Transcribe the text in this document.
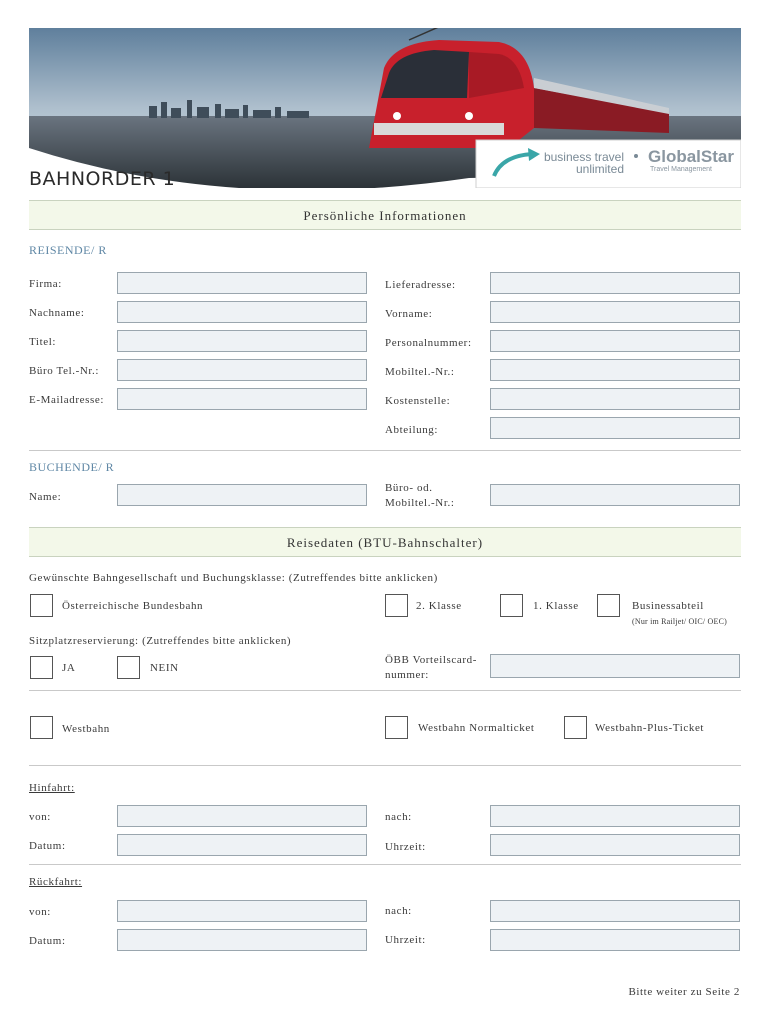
business travel
unlimited
GlobalStar
Travel Management
BAHNORDER 1
Persönliche Informationen
REISENDE/ R
Firma:
Nachname:
Titel:
Büro Tel.-Nr.:
E-Mailadresse:
Lieferadresse:
Vorname:
Personalnummer:
Mobiltel.-Nr.:
Kostenstelle:
Abteilung:
BUCHENDE/ R
Name:
Büro- od.
Mobiltel.-Nr.:
Reisedaten (BTU-Bahnschalter)
Gewünschte Bahngesellschaft und Buchungsklasse: (Zutreffendes bitte anklicken)
Österreichische Bundesbahn	2. Klasse	1. Klasse	Businessabteil
(Nur im Railjet/ OIC/ OEC)
Sitzplatzreservierung: (Zutreffendes bitte anklicken)
JA	NEIN
ÖBB Vorteilscard-
nummer:
Westbahn	Westbahn Normalticket	Westbahn-Plus-Ticket
Hinfahrt:
von:	nach:
Datum:	Uhrzeit:
Rückfahrt:
von:	nach:
Datum:	Uhrzeit:
Bitte weiter zu Seite 2
